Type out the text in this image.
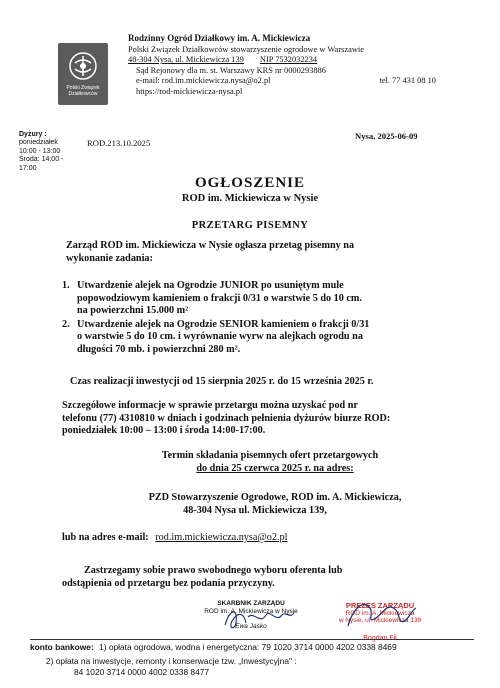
Polski Związek Działkowców
Rodzinny Ogród Działkowy im. A. Mickiewicza
Polski Związek Działkowców stowarzyszenie ogrodowe w Warszawie
48-304 Nysa, ul. Mickiewicza 139 NIP 7532032234
Sąd Rejonowy dla m. st. Warszawy KRS nr 0000293886
e-mail: rod.im.mickiewicza.nysa@o2.pl	tel. 77 431 08 10
https://rod-mickiewicza-nysa.pl
Dyżury :
poniedziałek
10:00 - 13:00
Środa: 14:00 -
17:00
ROD.213.10.2025
Nysa, 2025-06-09
OGŁOSZENIE
ROD im. Mickiewicza w Nysie
PRZETARG PISEMNY
Zarząd ROD im. Mickiewicza w Nysie ogłasza przetag pisemny na
wykonanie zadania:
1. Utwardzenie alejek na Ogrodzie JUNIOR po usuniętym mule
popowodziowym kamieniem o frakcji 0/31 o warstwie 5 do 10 cm.
na powierzchni 15.000 m²
2. Utwardzenie alejek na Ogrodzie SENIOR kamieniem o frakcji 0/31
o warstwie 5 do 10 cm. i wyrównanie wyrw na alejkach ogrodu na
długości 70 mb. i powierzchni 280 m².
Czas realizacji inwestycji od 15 sierpnia 2025 r. do 15 września 2025 r.
Szczegółowe informacje w sprawie przetargu można uzyskać pod nr
telefonu (77) 4310810 w dniach i godzinach pełnienia dyżurów biurze ROD:
poniedziałek 10:00 – 13:00 i środa 14:00-17:00.
Termin składania pisemnych ofert przetargowych
do dnia 25 czerwca 2025 r. na adres:
PZD Stowarzyszenie Ogrodowe, ROD im. A. Mickiewicza,
48-304 Nysa ul. Mickiewicza 139,
lub na adres e-mail: rod.im.mickiewicza.nysa@o2.pl
Zastrzegamy sobie prawo swobodnego wyboru oferenta lub
odstąpienia od przetargu bez podania przyczyny.
SKARBNIK ZARZĄDU
ROD im. A. Mickiewicza w Nysie
Ewa Jaśko
PREZES ZARZĄDU
ROD im. A. Mickiewicza
w Nysie, ul. Mickiewicza 139
Bogdan Fil
konto bankowe: 1) opłata ogrodowa, wodna i energetyczna: 79 1020 3714 0000 4202 0338 8469
2) opłata na inwestycje, remonty i konserwacje tzw. „Inwestycyjna" :
84 1020 3714 0000 4002 0338 8477
